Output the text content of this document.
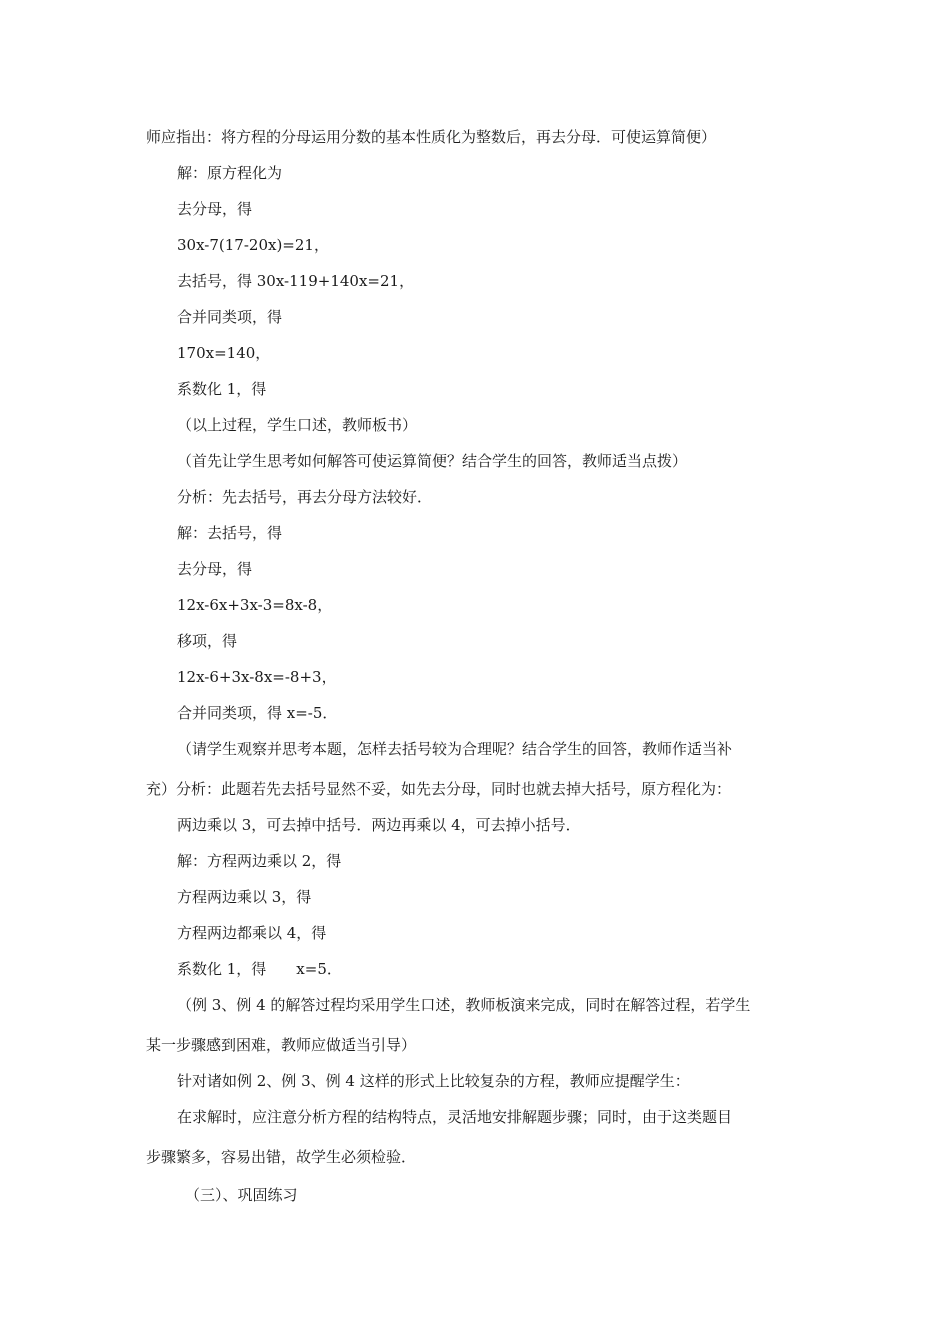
师应指出：将方程的分母运用分数的基本性质化为整数后，再去分母．可使运算简便）
解：原方程化为
去分母，得
30x-7(17-20x)=21，
去括号，得 30x-119+140x=21，
合并同类项，得
170x=140，
系数化 1，得
（以上过程，学生口述，教师板书）
（首先让学生思考如何解答可使运算简便？结合学生的回答，教师适当点拨）
分析：先去括号，再去分母方法较好．
解：去括号，得
去分母，得
12x-6x+3x-3=8x-8，
移项，得
12x-6+3x-8x=-8+3，
合并同类项，得 x=-5．
（请学生观察并思考本题，怎样去括号较为合理呢？结合学生的回答，教师作适当补
充）分析：此题若先去括号显然不妥，如先去分母，同时也就去掉大括号，原方程化为：
两边乘以 3，可去掉中括号．两边再乘以 4，可去掉小括号．
解：方程两边乘以 2，得
方程两边乘以 3，得
方程两边都乘以 4，得
系数化 1，得　　x=5．
（例 3、例 4 的解答过程均采用学生口述，教师板演来完成，同时在解答过程，若学生
某一步骤感到困难，教师应做适当引导）
针对诸如例 2、例 3、例 4 这样的形式上比较复杂的方程，教师应提醒学生：
在求解时，应注意分析方程的结构特点，灵活地安排解题步骤；同时，由于这类题目
步骤繁多，容易出错，故学生必须检验．
（三）、巩固练习
